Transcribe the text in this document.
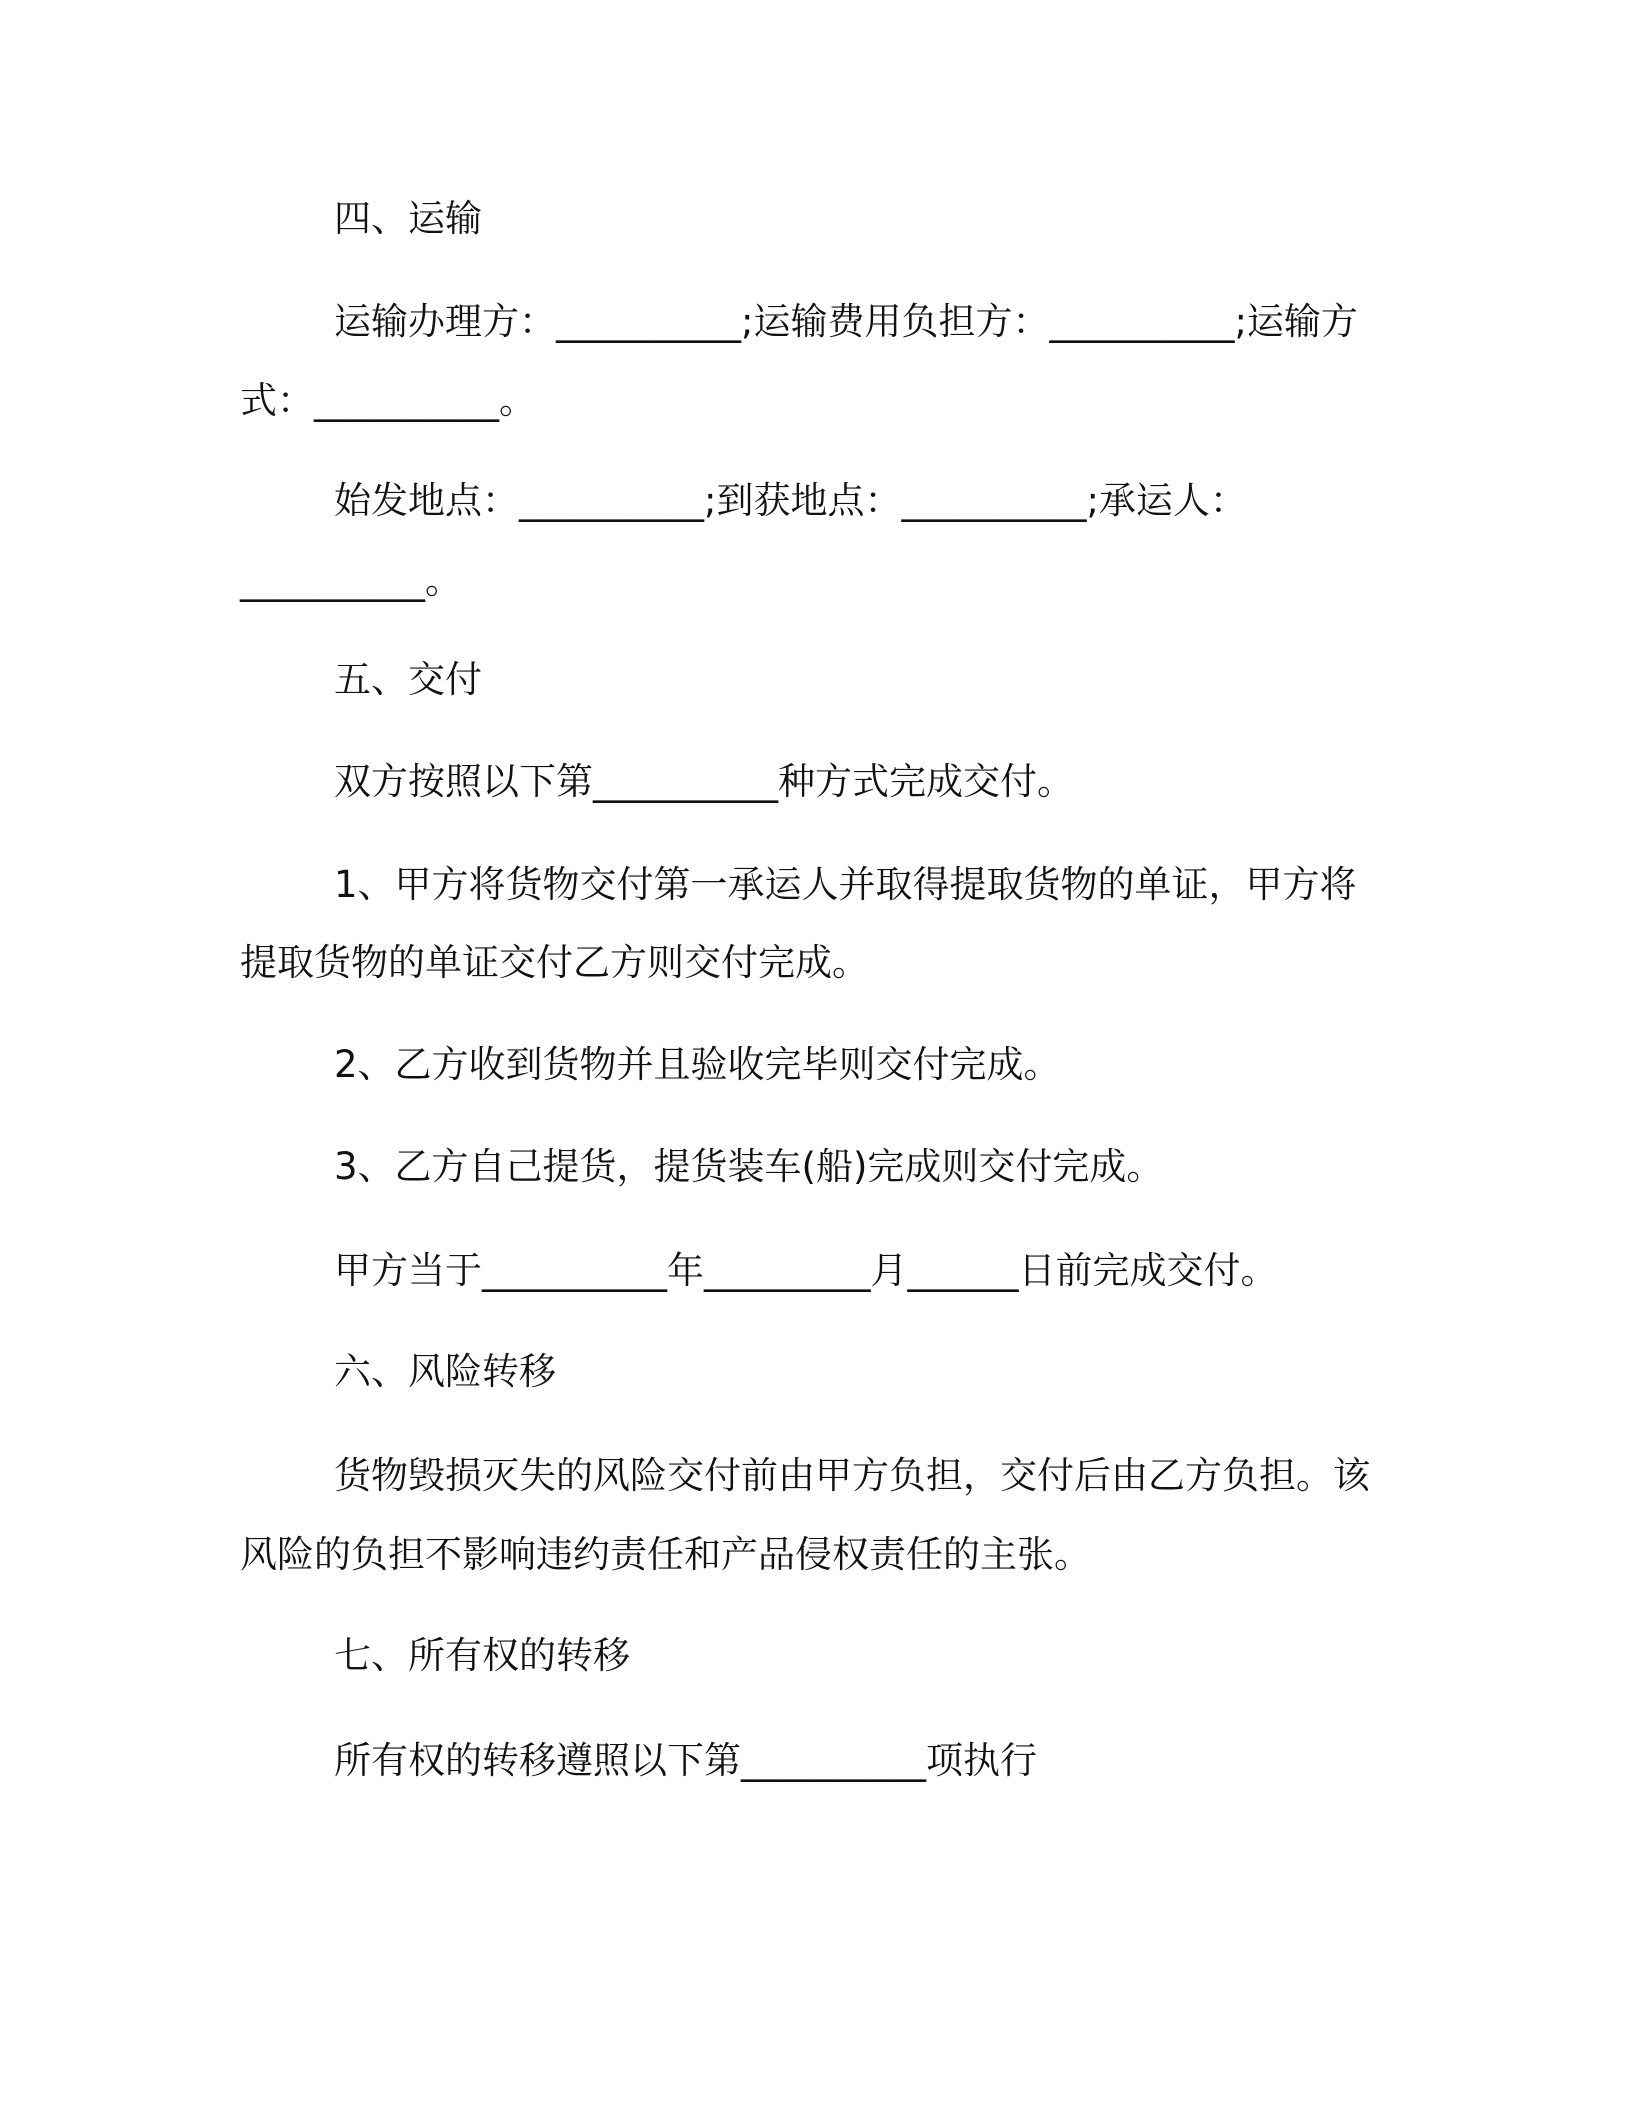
四、运输

运输办理方：__________;运输费用负担方：__________;运输方

式：__________。

始发地点：__________;到获地点：__________;承运人：

__________。

五、交付

双方按照以下第__________种方式完成交付。

1、甲方将货物交付第一承运人并取得提取货物的单证，甲方将

提取货物的单证交付乙方则交付完成。

2、乙方收到货物并且验收完毕则交付完成。

3、乙方自己提货，提货装车(船)完成则交付完成。

甲方当于__________年_________月______日前完成交付。

六、风险转移

货物毁损灭失的风险交付前由甲方负担，交付后由乙方负担。该

风险的负担不影响违约责任和产品侵权责任的主张。

七、所有权的转移

所有权的转移遵照以下第__________项执行
